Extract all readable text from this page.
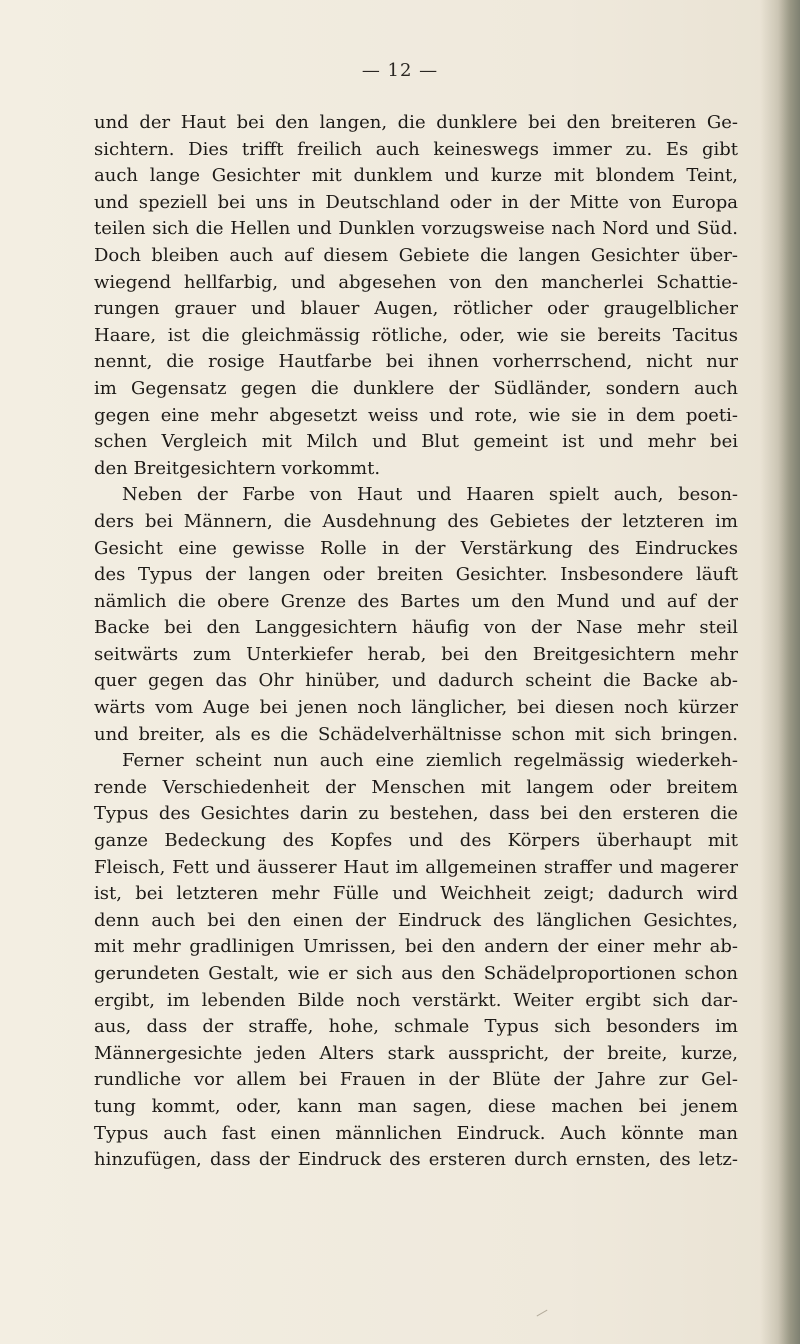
— 12 —
und der Haut bei den langen, die dunklere bei den breiteren Ge-
sichtern. Dies trifft freilich auch keineswegs immer zu. Es gibt
auch lange Gesichter mit dunklem und kurze mit blondem Teint,
und speziell bei uns in Deutschland oder in der Mitte von Europa
teilen sich die Hellen und Dunklen vorzugsweise nach Nord und Süd.
Doch bleiben auch auf diesem Gebiete die langen Gesichter über-
wiegend hellfarbig, und abgesehen von den mancherlei Schattie-
rungen grauer und blauer Augen, rötlicher oder graugelblicher
Haare, ist die gleichmässig rötliche, oder, wie sie bereits Tacitus
nennt, die rosige Hautfarbe bei ihnen vorherrschend, nicht nur
im Gegensatz gegen die dunklere der Südländer, sondern auch
gegen eine mehr abgesetzt weiss und rote, wie sie in dem poeti-
schen Vergleich mit Milch und Blut gemeint ist und mehr bei
den Breitgesichtern vorkommt.
Neben der Farbe von Haut und Haaren spielt auch, beson-
ders bei Männern, die Ausdehnung des Gebietes der letzteren im
Gesicht eine gewisse Rolle in der Verstärkung des Eindruckes
des Typus der langen oder breiten Gesichter. Insbesondere läuft
nämlich die obere Grenze des Bartes um den Mund und auf der
Backe bei den Langgesichtern häufig von der Nase mehr steil
seitwärts zum Unterkiefer herab, bei den Breitgesichtern mehr
quer gegen das Ohr hinüber, und dadurch scheint die Backe ab-
wärts vom Auge bei jenen noch länglicher, bei diesen noch kürzer
und breiter, als es die Schädelverhältnisse schon mit sich bringen.
Ferner scheint nun auch eine ziemlich regelmässig wiederkeh-
rende Verschiedenheit der Menschen mit langem oder breitem
Typus des Gesichtes darin zu bestehen, dass bei den ersteren die
ganze Bedeckung des Kopfes und des Körpers überhaupt mit
Fleisch, Fett und äusserer Haut im allgemeinen straffer und magerer
ist, bei letzteren mehr Fülle und Weichheit zeigt; dadurch wird
denn auch bei den einen der Eindruck des länglichen Gesichtes,
mit mehr gradlinigen Umrissen, bei den andern der einer mehr ab-
gerundeten Gestalt, wie er sich aus den Schädelproportionen schon
ergibt, im lebenden Bilde noch verstärkt. Weiter ergibt sich dar-
aus, dass der straffe, hohe, schmale Typus sich besonders im
Männergesichte jeden Alters stark ausspricht, der breite, kurze,
rundliche vor allem bei Frauen in der Blüte der Jahre zur Gel-
tung kommt, oder, kann man sagen, diese machen bei jenem
Typus auch fast einen männlichen Eindruck. Auch könnte man
hinzufügen, dass der Eindruck des ersteren durch ernsten, des letz-
